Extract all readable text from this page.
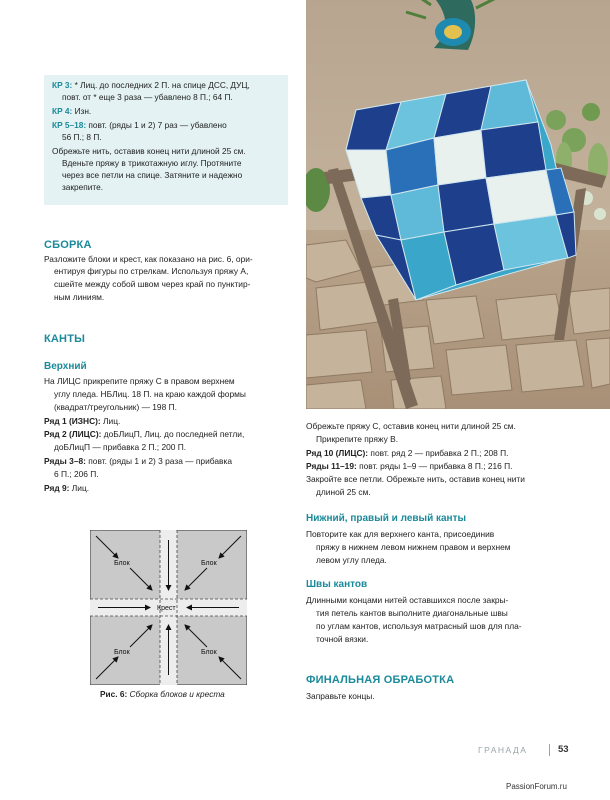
КР 3: * Лиц. до последних 2 П. на спице ДСС, ДУЦ,
повт. от * еще 3 раза — убавлено 8 П.; 64 П.
КР 4: Изн.
КР 5–18: повт. (ряды 1 и 2) 7 раз — убавлено
56 П.; 8 П.
Обрежьте нить, оставив конец нити длиной 25 см.
Вденьте пряжу в трикотажную иглу. Протяните
через все петли на спице. Затяните и надежно
закрепите.
СБОРКА
Разложите блоки и крест, как показано на рис. 6, ори-
ентируя фигуры по стрелкам. Используя пряжу А,
сшейте между собой швом через край по пунктир-
ным линиям.
КАНТЫ
Верхний
На ЛИЦС прикрепите пряжу С в правом верхнем
углу пледа. НБЛиц. 18 П. на краю каждой формы
(квадрат/треугольник) — 198 П.
Ряд 1 (ИЗНС): Лиц.
Ряд 2 (ЛИЦС): доБЛицП, Лиц. до последней петли,
доБЛицП — прибавка 2 П.; 200 П.
Ряды 3–8: повт. (ряды 1 и 2) 3 раза — прибавка
6 П.; 206 П.
Ряд 9: Лиц.
Обрежьте пряжу С, оставив конец нити длиной 25 см.
Прикрепите пряжу В.
Ряд 10 (ЛИЦС): повт. ряд 2 — прибавка 2 П.; 208 П.
Ряды 11–19: повт. ряды 1–9 — прибавка 8 П.; 216 П.
Закройте все петли. Обрежьте нить, оставив конец нити
длиной 25 см.
Нижний, правый и левый канты
Повторите как для верхнего канта, присоединив
пряжу в нижнем левом нижнем правом и верхнем
левом углу пледа.
Швы кантов
Длинными концами нитей оставшихся после закры-
тия петель кантов выполните диагональные швы
по углам кантов, используя матрасный шов для пла-
точной вязки.
ФИНАЛЬНАЯ ОБРАБОТКА
Заправьте концы.
Блок	Блок
Блок	Блок
Крест
Рис. 6: Сборка блоков и креста
ГРАНАДА	53
PassionForum.ru
